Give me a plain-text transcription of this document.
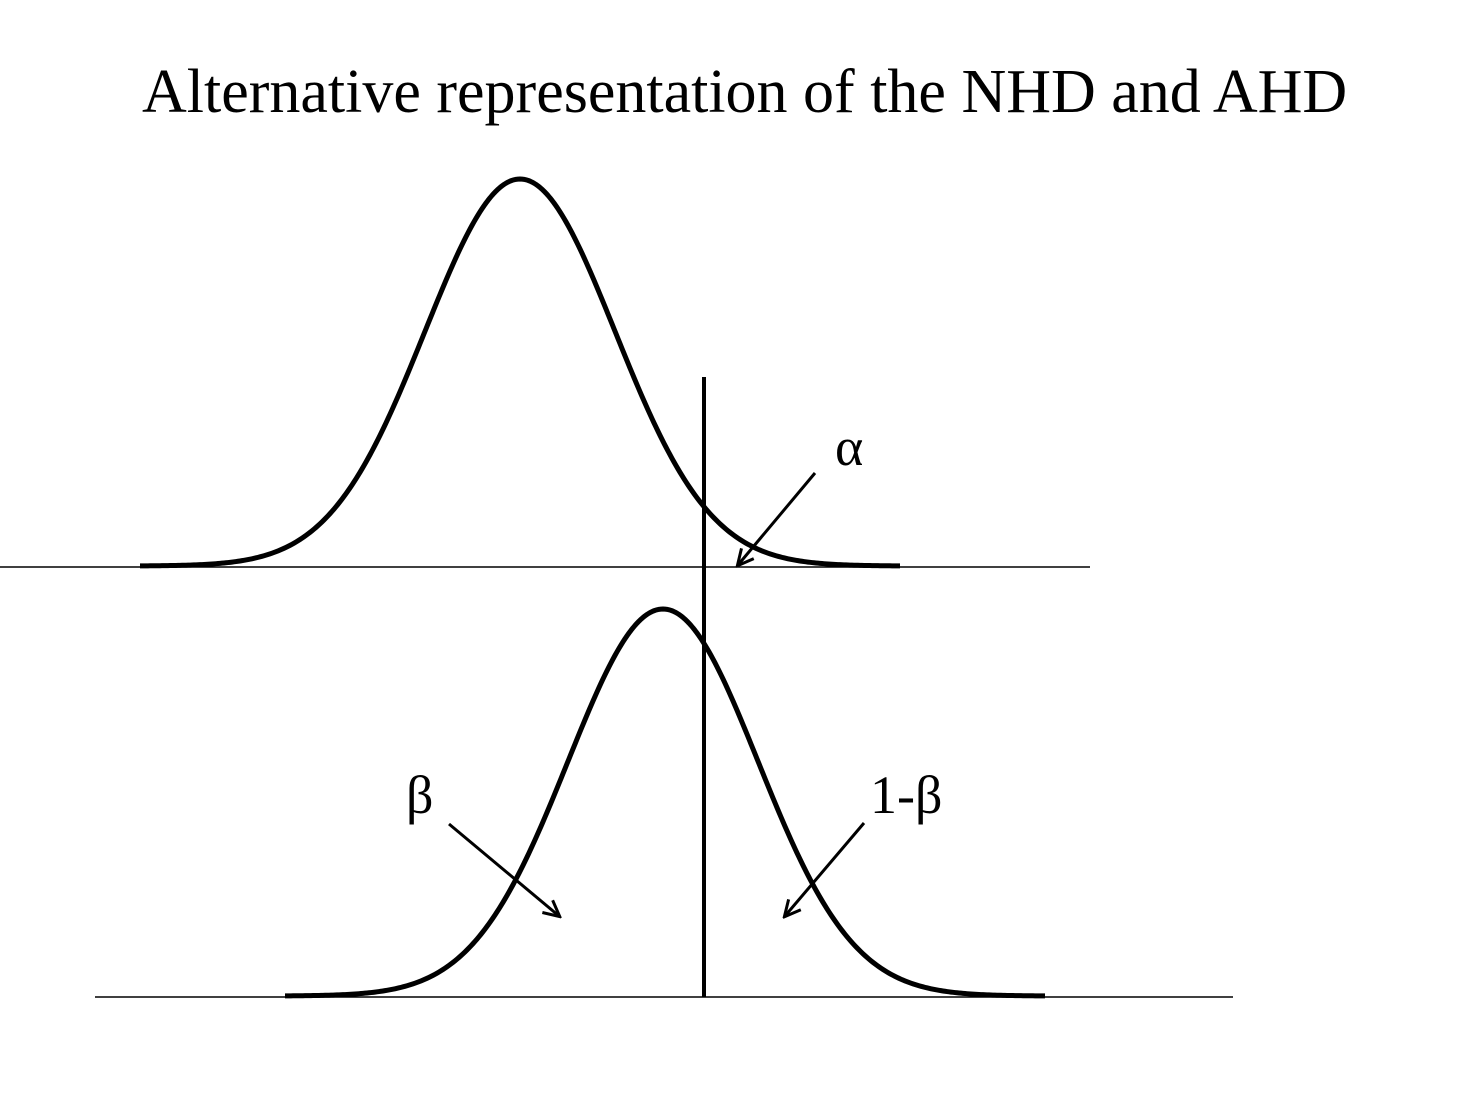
Alternative representation of the NHD and AHD
α
β	1-β
